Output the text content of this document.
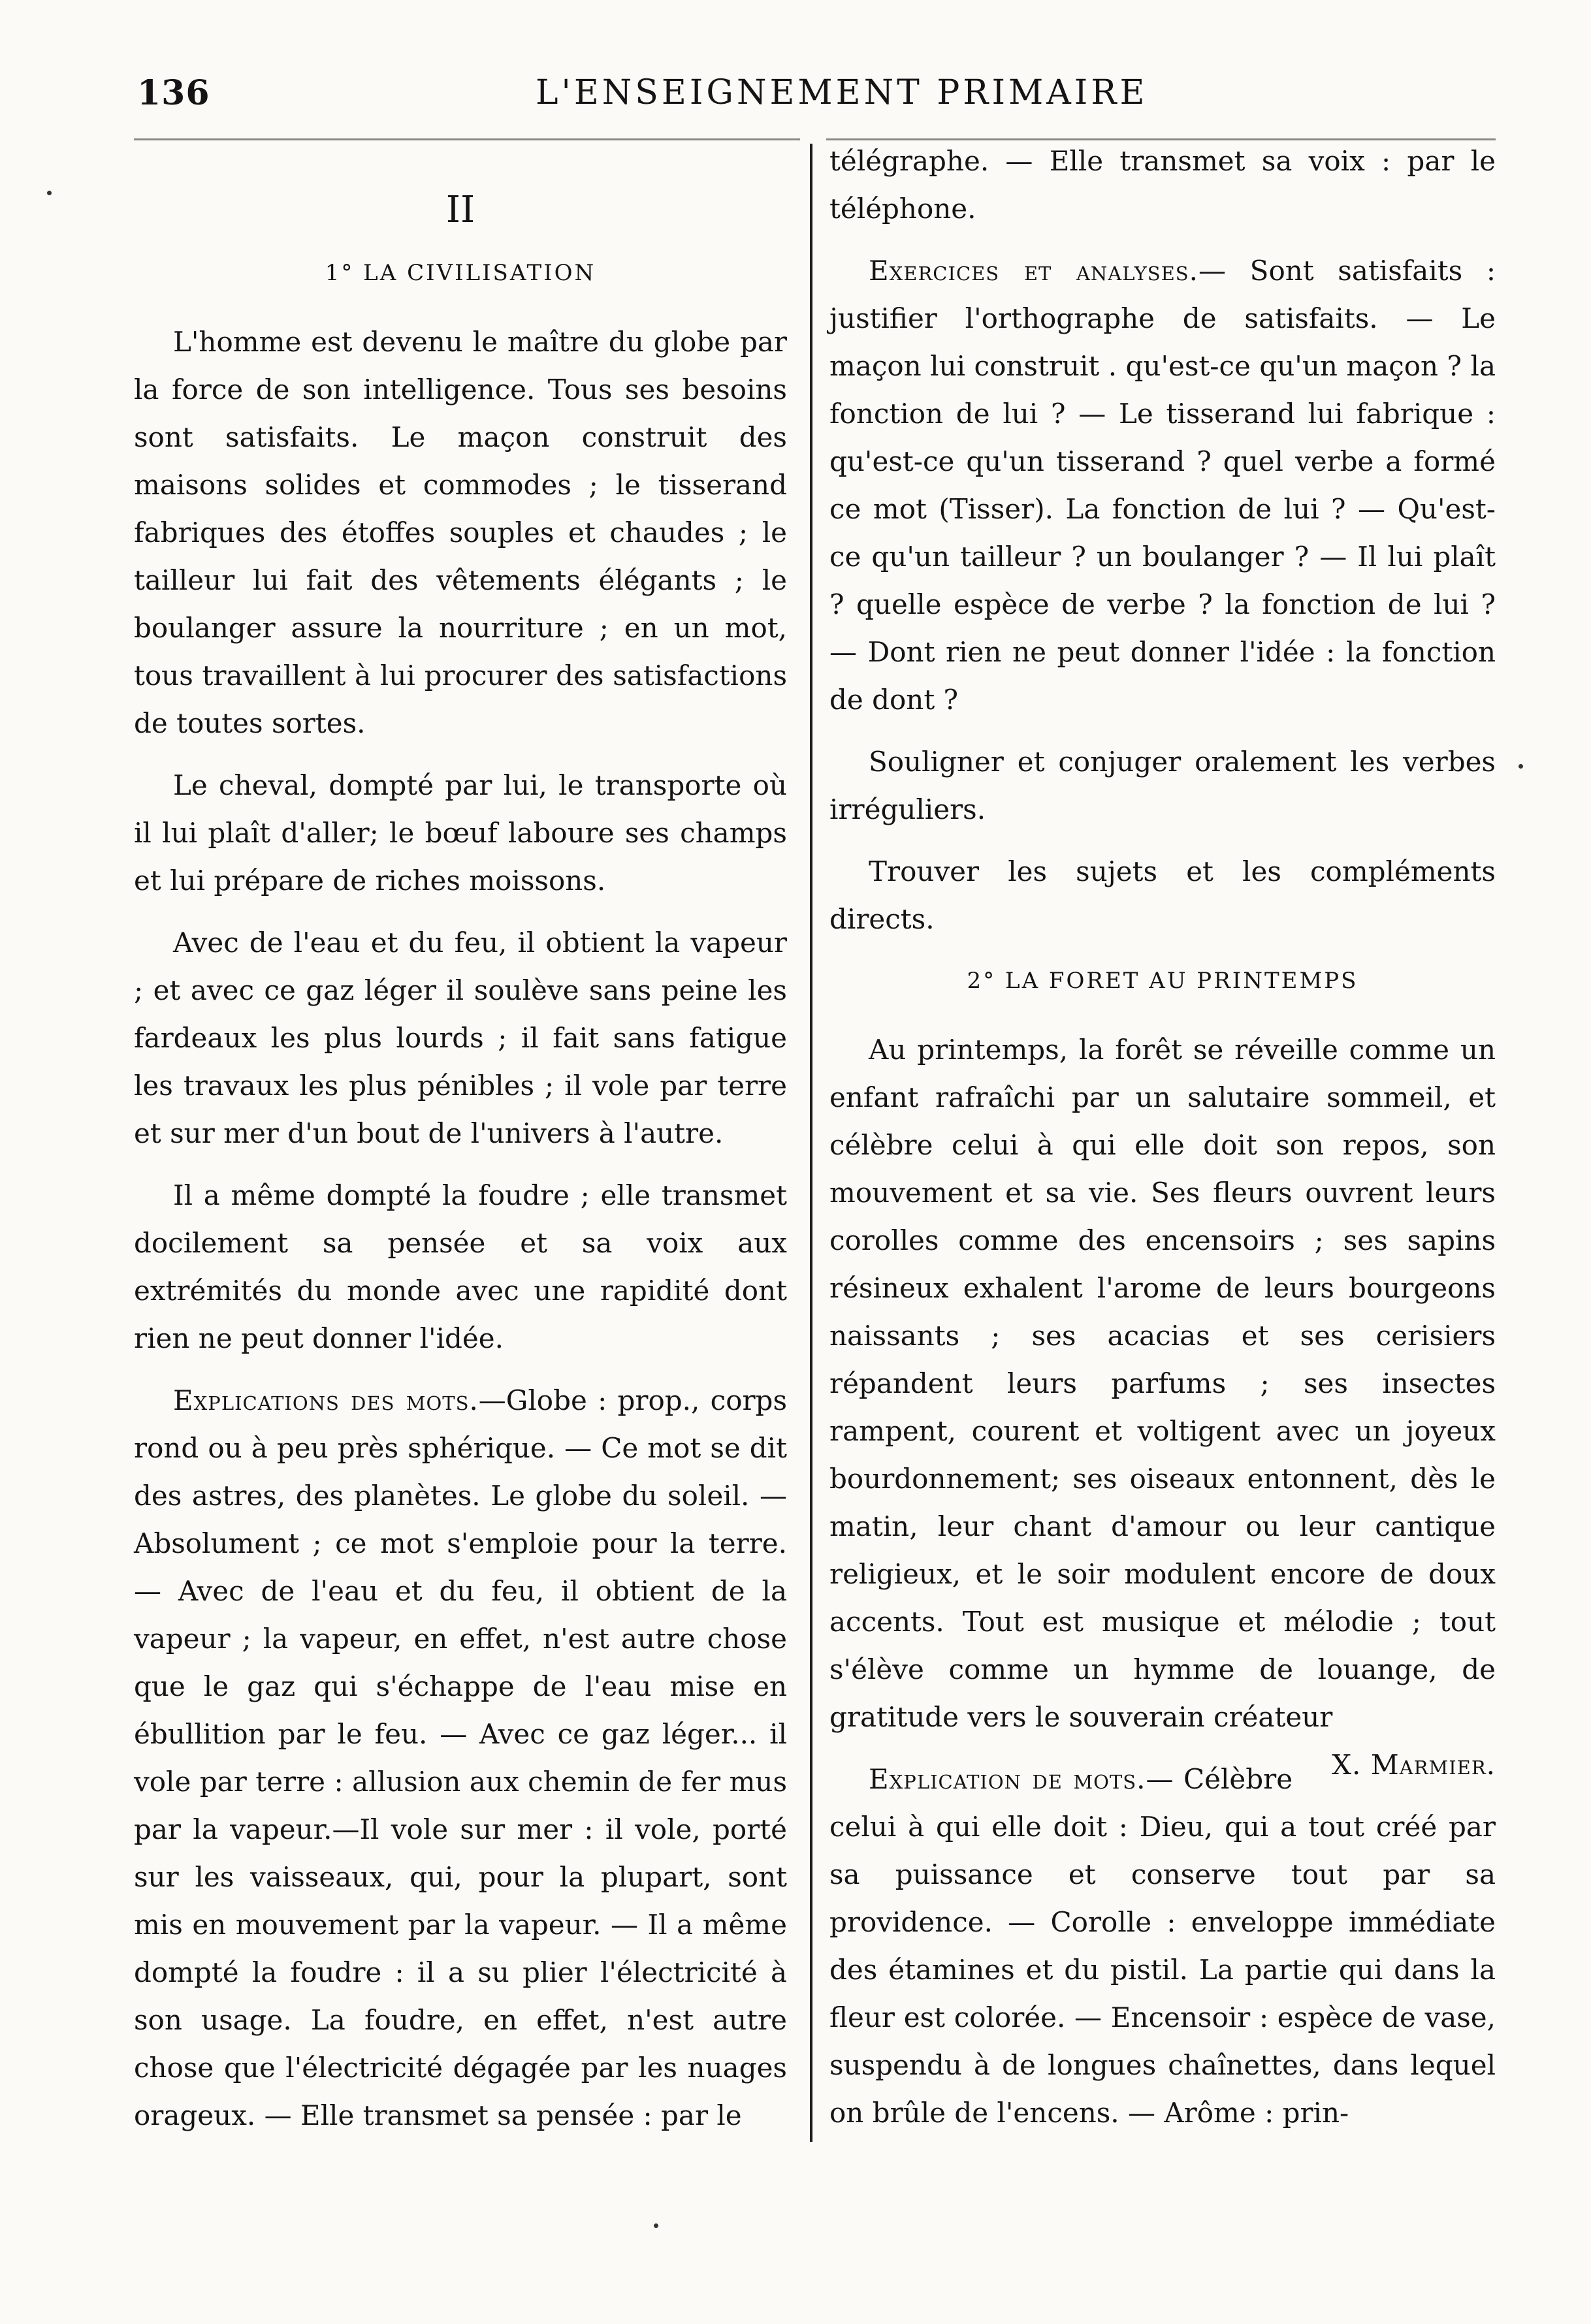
136	L'ENSEIGNEMENT PRIMAIRE
II
1° LA CIVILISATION

L'homme est devenu le maître du globe par la force de son intelligence. Tous ses besoins sont satisfaits. Le maçon construit des maisons solides et commodes ; le tisserand fabriques des étoffes souples et chaudes ; le tailleur lui fait des vêtements élégants ; le boulanger assure la nourriture ; en un mot, tous travaillent à lui procurer des satisfactions de toutes sortes.

Le cheval, dompté par lui, le transporte où il lui plaît d'aller; le bœuf laboure ses champs et lui prépare de riches moissons.

Avec de l'eau et du feu, il obtient la vapeur ; et avec ce gaz léger il soulève sans peine les fardeaux les plus lourds ; il fait sans fatigue les travaux les plus pénibles ; il vole par terre et sur mer d'un bout de l'univers à l'autre.

Il a même dompté la foudre ; elle transmet docilement sa pensée et sa voix aux extrémités du monde avec une rapidité dont rien ne peut donner l'idée.

Explications des mots.—Globe : prop., corps rond ou à peu près sphérique. — Ce mot se dit des astres, des planètes. Le globe du soleil. — Absolument ; ce mot s'emploie pour la terre. — Avec de l'eau et du feu, il obtient de la vapeur ; la vapeur, en effet, n'est autre chose que le gaz qui s'échappe de l'eau mise en ébullition par le feu. — Avec ce gaz léger... il vole par terre : allusion aux chemin de fer mus par la vapeur.—Il vole sur mer : il vole, porté sur les vaisseaux, qui, pour la plupart, sont mis en mouvement par la vapeur. — Il a même dompté la foudre : il a su plier l'électricité à son usage. La foudre, en effet, n'est autre chose que l'électricité dégagée par les nuages orageux. — Elle transmet sa pensée : par le

télégraphe. — Elle transmet sa voix : par le téléphone.

Exercices et analyses.— Sont satisfaits : justifier l'orthographe de satisfaits. — Le maçon lui construit . qu'est-ce qu'un maçon ? la fonction de lui ? — Le tisserand lui fabrique : qu'est-ce qu'un tisserand ? quel verbe a formé ce mot (Tisser). La fonction de lui ? — Qu'est-ce qu'un tailleur ? un boulanger ? — Il lui plaît ? quelle espèce de verbe ? la fonction de lui ? — Dont rien ne peut donner l'idée : la fonction de dont ?

Souligner et conjuger oralement les verbes irréguliers.

Trouver les sujets et les compléments directs.

2° LA FORET AU PRINTEMPS

Au printemps, la forêt se réveille comme un enfant rafraîchi par un salutaire sommeil, et célèbre celui à qui elle doit son repos, son mouvement et sa vie. Ses fleurs ouvrent leurs corolles comme des encensoirs ; ses sapins résineux exhalent l'arome de leurs bourgeons naissants ; ses acacias et ses cerisiers répandent leurs parfums ; ses insectes rampent, courent et voltigent avec un joyeux bourdonnement; ses oiseaux entonnent, dès le matin, leur chant d'amour ou leur cantique religieux, et le soir modulent encore de doux accents. Tout est musique et mélodie ; tout s'élève comme un hymme de louange, de gratitude vers le souverain créateur
X. Marmier.

Explication de mots.— Célèbre celui à qui elle doit : Dieu, qui a tout créé par sa puissance et conserve tout par sa providence. — Corolle : enveloppe immédiate des étamines et du pistil. La partie qui dans la fleur est colorée. — Encensoir : espèce de vase, suspendu à de longues chaînettes, dans lequel on brûle de l'encens. — Arôme : prin-
